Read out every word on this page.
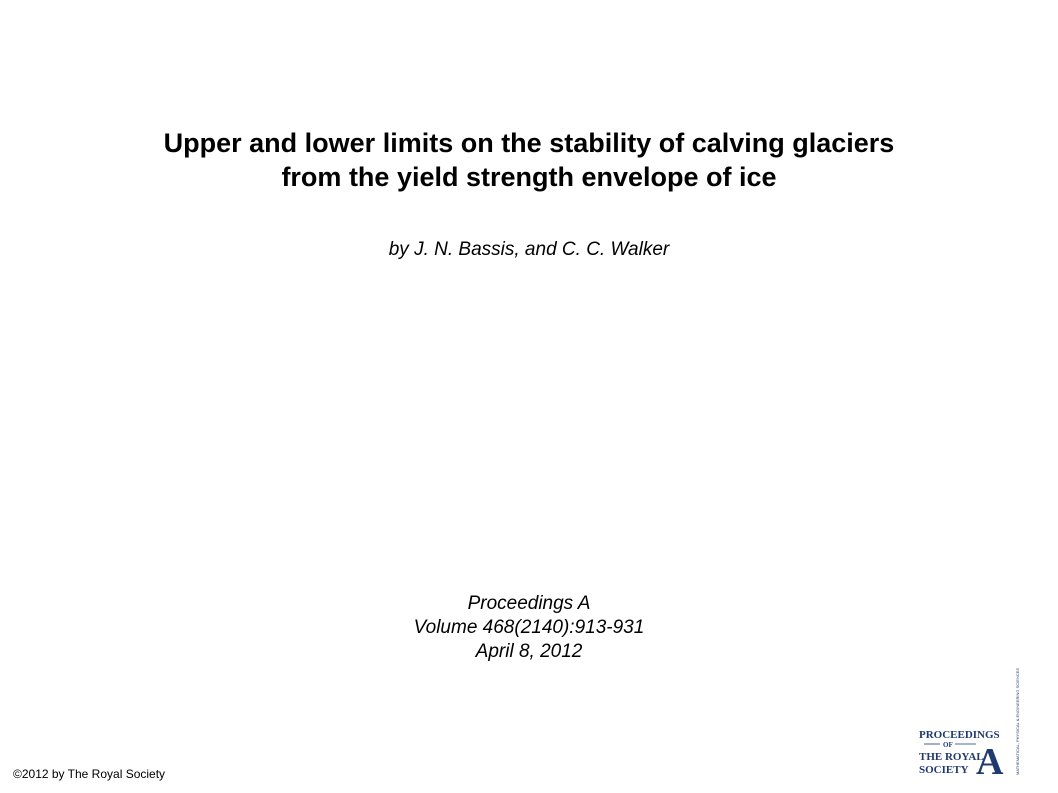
Upper and lower limits on the stability of calving glaciers
from the yield strength envelope of ice
by J. N. Bassis, and C. C. Walker
Proceedings A
Volume 468(2140):913-931
April 8, 2012
©2012 by The Royal Society
PROCEEDINGS
OF
THE ROYAL
SOCIETY A	MATHEMATICAL, PHYSICAL & ENGINEERING SCIENCES
